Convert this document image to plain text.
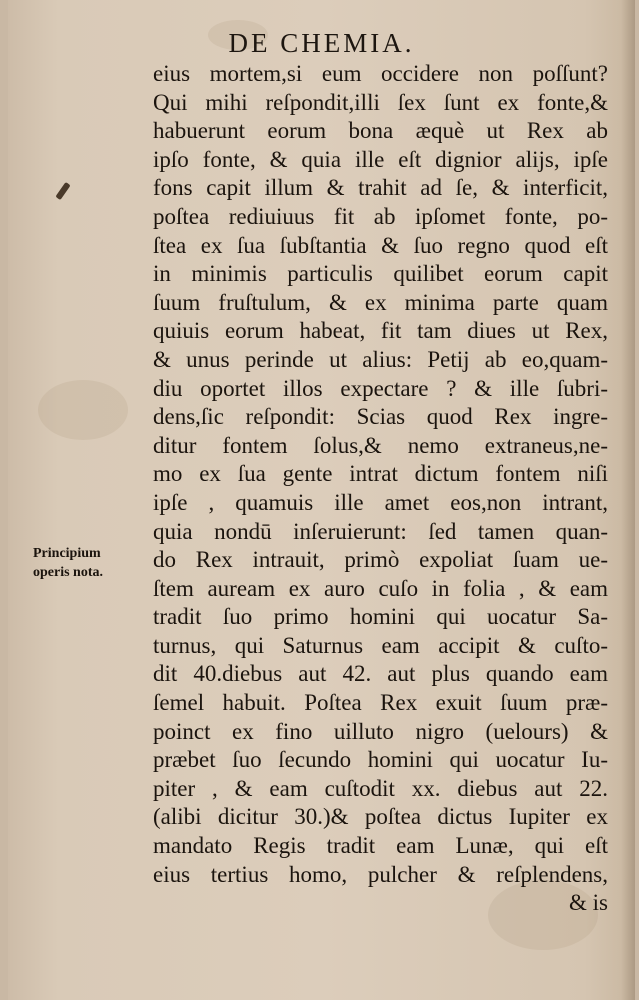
DE CHEMIA.
eius mortem,si eum occidere non poſſunt?
Qui mihi reſpondit,illi ſex ſunt ex fonte,&
habuerunt eorum bona æquè ut Rex ab
ipſo fonte, & quia ille eſt dignior alijs, ipſe
fons capit illum & trahit ad ſe, & interficit,
poſtea rediuiuus fit ab ipſomet fonte, po-
ſtea ex ſua ſubſtantia & ſuo regno quod eſt
in minimis particulis quilibet eorum capit
ſuum fruſtulum, & ex minima parte quam
quiuis eorum habeat, fit tam diues ut Rex,
& unus perinde ut alius: Petij ab eo,quam-
diu oportet illos expectare ? & ille ſubri-
dens,ſic reſpondit: Scias quod Rex ingre-
ditur fontem ſolus,& nemo extraneus,ne-
mo ex ſua gente intrat dictum fontem niſi
ipſe , quamuis ille amet eos,non intrant,
quia nondū inſeruierunt: ſed tamen quan-
do Rex intrauit, primò expoliat ſuam ue-
ſtem auream ex auro cuſo in folia , & eam
tradit ſuo primo homini qui uocatur Sa-
turnus, qui Saturnus eam accipit & cuſto-
dit 40.diebus aut 42. aut plus quando eam
ſemel habuit. Poſtea Rex exuit ſuum præ-
poinct ex fino uilluto nigro (uelours) &
præbet ſuo ſecundo homini qui uocatur Iu-
piter , & eam cuſtodit xx. diebus aut 22.
(alibi dicitur 30.)& poſtea dictus Iupiter ex
mandato Regis tradit eam Lunæ, qui eſt
eius tertius homo, pulcher & reſplendens,
& is
Principium
operis nota.
